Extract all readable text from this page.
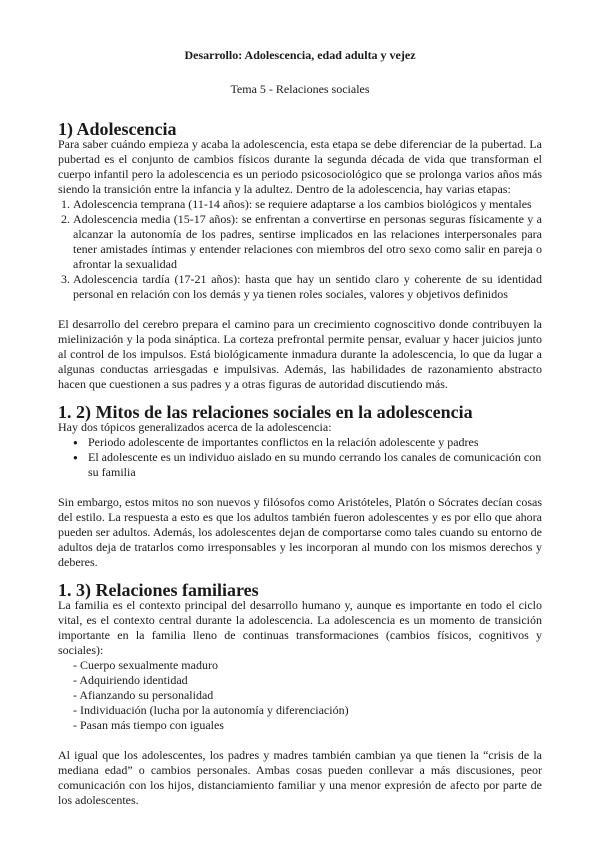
Desarrollo: Adolescencia, edad adulta y vejez
Tema 5 - Relaciones sociales
1) Adolescencia

Para saber cuándo empieza y acaba la adolescencia, esta etapa se debe diferenciar de la pubertad. La pubertad es el conjunto de cambios físicos durante la segunda década de vida que transforman el cuerpo infantil pero la adolescencia es un periodo psicosociológico que se prolonga varios años más siendo la transición entre la infancia y la adultez. Dentro de la adolescencia, hay varias etapas:

1. Adolescencia temprana (11-14 años): se requiere adaptarse a los cambios biológicos y mentales
2. Adolescencia media (15-17 años): se enfrentan a convertirse en personas seguras físicamente y a alcanzar la autonomía de los padres, sentirse implicados en las relaciones interpersonales para tener amistades íntimas y entender relaciones con miembros del otro sexo como salir en pareja o afrontar la sexualidad
3. Adolescencia tardía (17-21 años): hasta que hay un sentido claro y coherente de su identidad personal en relación con los demás y ya tienen roles sociales, valores y objetivos definidos

El desarrollo del cerebro prepara el camino para un crecimiento cognoscitivo donde contribuyen la mielinización y la poda sináptica. La corteza prefrontal permite pensar, evaluar y hacer juicios junto al control de los impulsos. Está biológicamente inmadura durante la adolescencia, lo que da lugar a algunas conductas arriesgadas e impulsivas. Además, las habilidades de razonamiento abstracto hacen que cuestionen a sus padres y a otras figuras de autoridad discutiendo más.

1. 2) Mitos de las relaciones sociales en la adolescencia

Hay dos tópicos generalizados acerca de la adolescencia:

● Periodo adolescente de importantes conflictos en la relación adolescente y padres
● El adolescente es un individuo aislado en su mundo cerrando los canales de comunicación con su familia

Sin embargo, estos mitos no son nuevos y filósofos como Aristóteles, Platón o Sócrates decían cosas del estilo. La respuesta a esto es que los adultos también fueron adolescentes y es por ello que ahora pueden ser adultos. Además, los adolescentes dejan de comportarse como tales cuando su entorno de adultos deja de tratarlos como irresponsables y les incorporan al mundo con los mismos derechos y deberes.

1. 3) Relaciones familiares

La familia es el contexto principal del desarrollo humano y, aunque es importante en todo el ciclo vital, es el contexto central durante la adolescencia. La adolescencia es un momento de transición importante en la familia lleno de continuas transformaciones (cambios físicos, cognitivos y sociales):

- Cuerpo sexualmente maduro
- Adquiriendo identidad
- Afianzando su personalidad
- Individuación (lucha por la autonomía y diferenciación)
- Pasan más tiempo con iguales

Al igual que los adolescentes, los padres y madres también cambian ya que tienen la “crisis de la mediana edad” o cambios personales. Ambas cosas pueden conllevar a más discusiones, peor comunicación con los hijos, distanciamiento familiar y una menor expresión de afecto por parte de los adolescentes.
